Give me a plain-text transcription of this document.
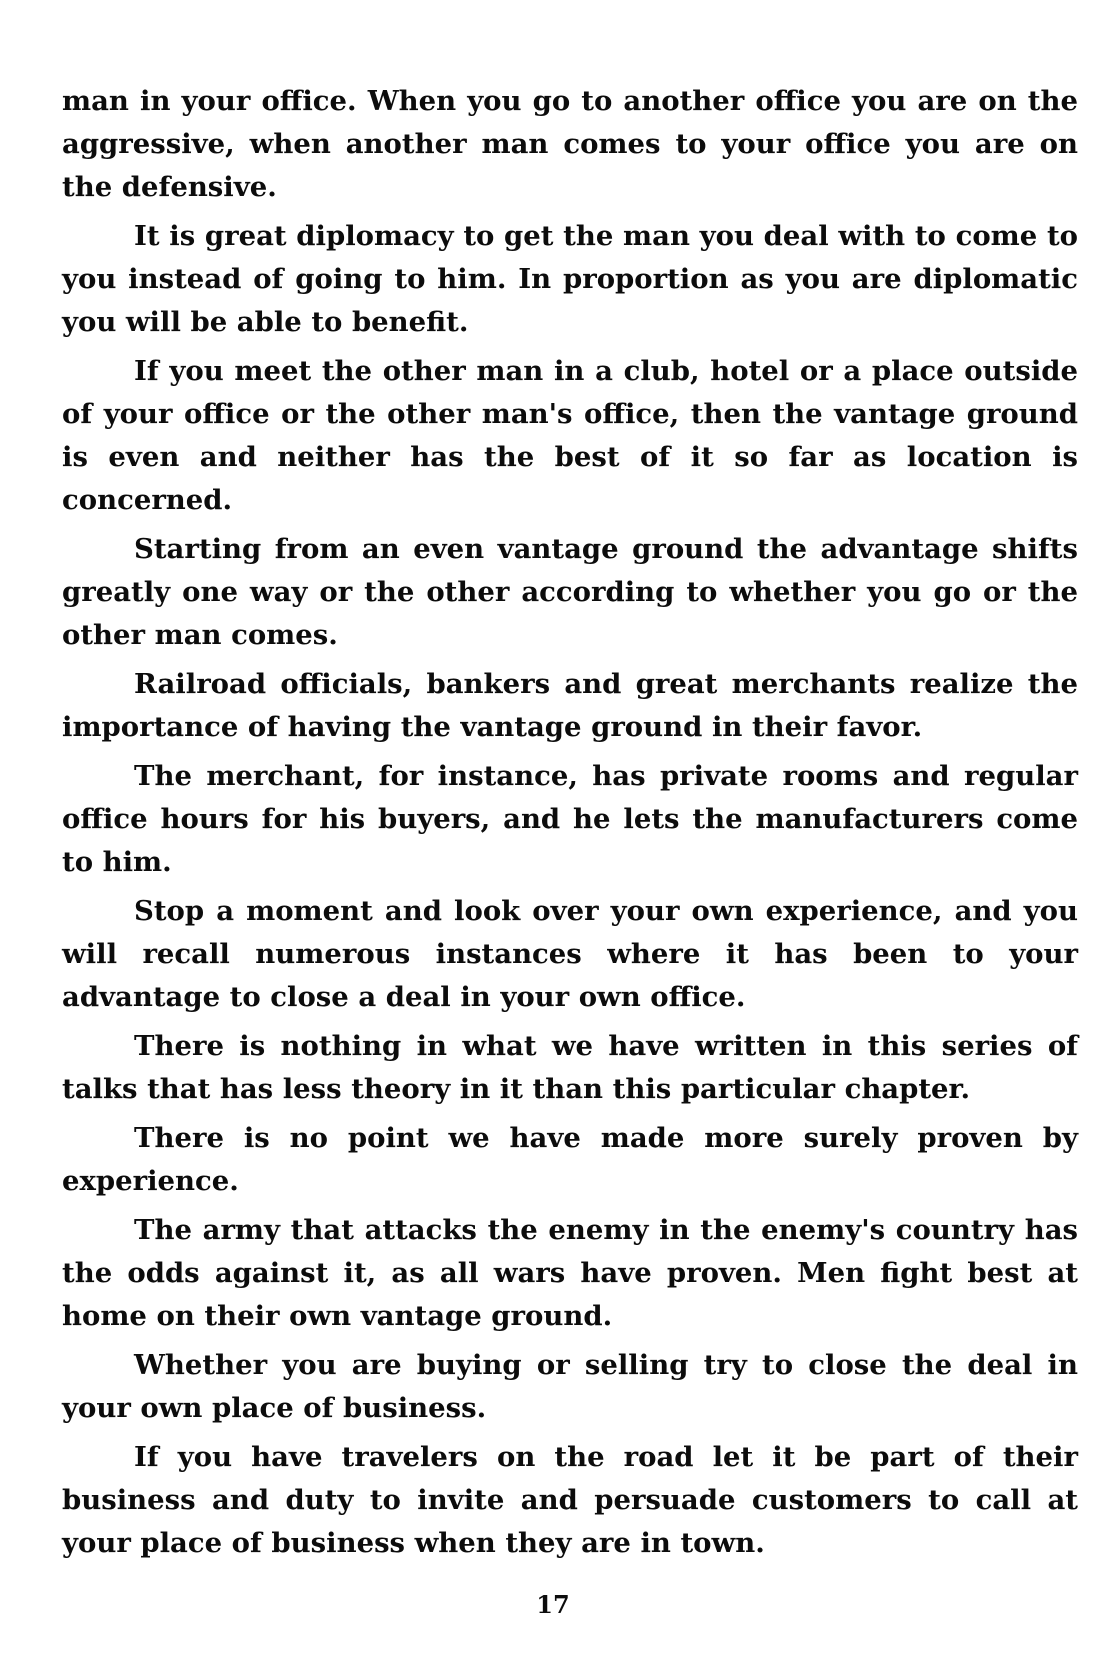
man in your office. When you go to another office you are on the aggressive, when another man comes to your office you are on the defensive.

It is great diplomacy to get the man you deal with to come to you instead of going to him. In proportion as you are diplomatic you will be able to benefit.

If you meet the other man in a club, hotel or a place outside of your office or the other man's office, then the vantage ground is even and neither has the best of it so far as location is concerned.

Starting from an even vantage ground the advantage shifts greatly one way or the other according to whether you go or the other man comes.

Railroad officials, bankers and great merchants realize the importance of having the vantage ground in their favor.

The merchant, for instance, has private rooms and regular office hours for his buyers, and he lets the manufacturers come to him.

Stop a moment and look over your own experience, and you will recall numerous instances where it has been to your advantage to close a deal in your own office.

There is nothing in what we have written in this series of talks that has less theory in it than this particular chapter.

There is no point we have made more surely proven by experience.

The army that attacks the enemy in the enemy's country has the odds against it, as all wars have proven. Men fight best at home on their own vantage ground.

Whether you are buying or selling try to close the deal in your own place of business.

If you have travelers on the road let it be part of their business and duty to invite and persuade customers to call at your place of business when they are in town.

17
